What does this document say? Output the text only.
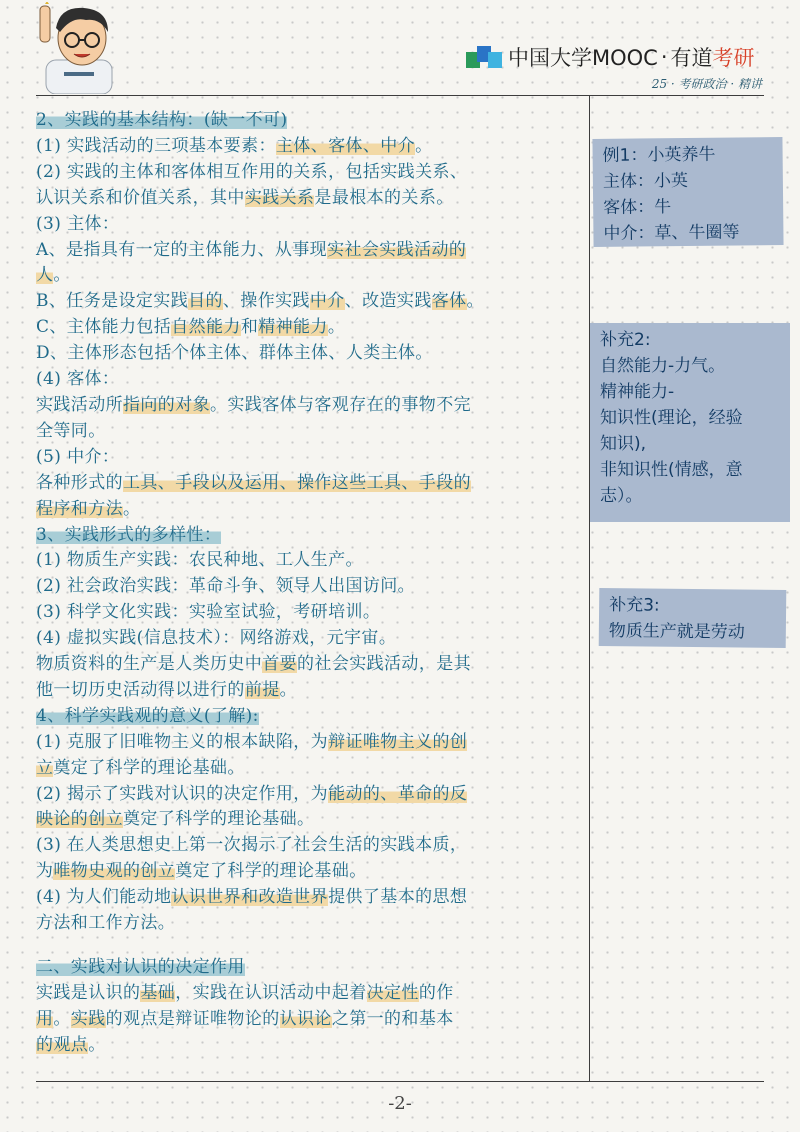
中国大学MOOC · 有道 考研
25 · 考研政治 · 精讲
2、实践的基本结构：(缺一不可)
(1) 实践活动的三项基本要素：主体、客体、中介。
(2) 实践的主体和客体相互作用的关系，包括实践关系、
认识关系和价值关系，其中实践关系是最根本的关系。
(3) 主体：
A、是指具有一定的主体能力、从事现实社会实践活动的
人。
B、任务是设定实践目的、操作实践中介、改造实践客体。
C、主体能力包括自然能力和精神能力。
D、主体形态包括个体主体、群体主体、人类主体。
(4) 客体：
实践活动所指向的对象。实践客体与客观存在的事物不完
全等同。
(5) 中介：
各种形式的工具、手段以及运用、操作这些工具、手段的
程序和方法。
3、实践形式的多样性：
(1) 物质生产实践：农民种地、工人生产。
(2) 社会政治实践：革命斗争、领导人出国访问。
(3) 科学文化实践：实验室试验，考研培训。
(4) 虚拟实践(信息技术）：网络游戏，元宇宙。
物质资料的生产是人类历史中首要的社会实践活动，是其
他一切历史活动得以进行的前提。
4、科学实践观的意义(了解):
(1) 克服了旧唯物主义的根本缺陷，为辩证唯物主义的创
立奠定了科学的理论基础。
(2) 揭示了实践对认识的决定作用，为能动的、革命的反
映论的创立奠定了科学的理论基础。
(3) 在人类思想史上第一次揭示了社会生活的实践本质，
为唯物史观的创立奠定了科学的理论基础。
(4) 为人们能动地认识世界和改造世界提供了基本的思想
方法和工作方法。
二、实践对认识的决定作用
实践是认识的基础，实践在认识活动中起着决定性的作
用。实践的观点是辩证唯物论的认识论之第一的和基本
的观点。
例1：小英养牛
主体：小英
客体：牛
中介：草、牛圈等
补充2:
自然能力-力气。
精神能力-
知识性(理论，经验
知识),
非知识性(情感，意
志）。
补充3:
物质生产就是劳动
-2-
